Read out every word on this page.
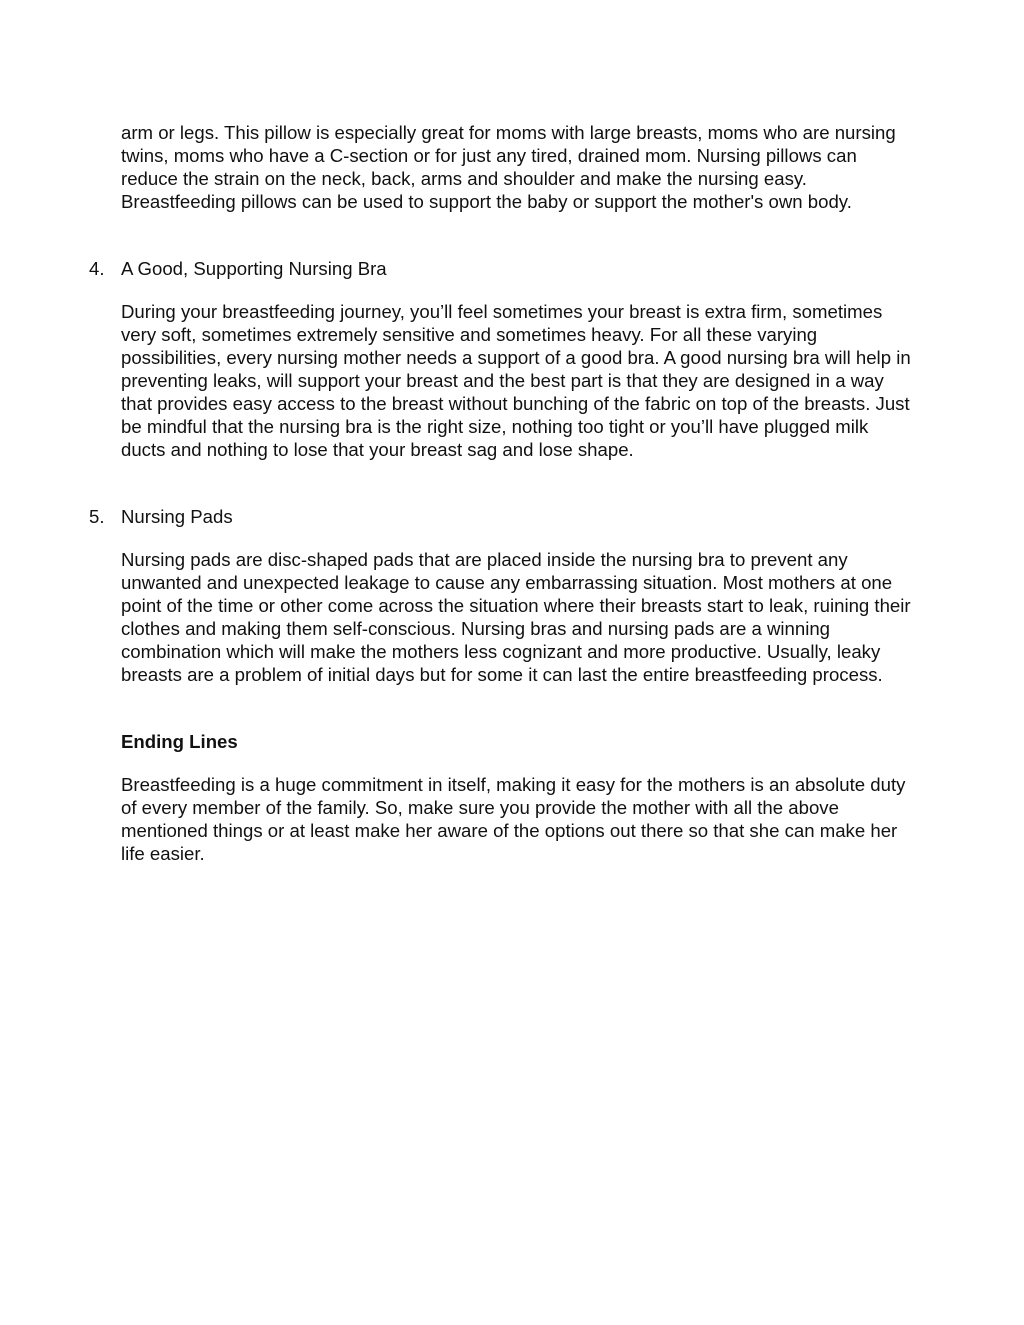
arm or legs. This pillow is especially great for moms with large breasts, moms who are nursing twins, moms who have a C-section or for just any tired, drained mom. Nursing pillows can reduce the strain on the neck, back, arms and shoulder and make the nursing easy. Breastfeeding pillows can be used to support the baby or support the mother's own body.

4. A Good, Supporting Nursing Bra

During your breastfeeding journey, you’ll feel sometimes your breast is extra firm, sometimes very soft, sometimes extremely sensitive and sometimes heavy. For all these varying possibilities, every nursing mother needs a support of a good bra. A good nursing bra will help in preventing leaks, will support your breast and the best part is that they are designed in a way that provides easy access to the breast without bunching of the fabric on top of the breasts. Just be mindful that the nursing bra is the right size, nothing too tight or you’ll have plugged milk ducts and nothing to lose that your breast sag and lose shape.

5. Nursing Pads

Nursing pads are disc-shaped pads that are placed inside the nursing bra to prevent any unwanted and unexpected leakage to cause any embarrassing situation. Most mothers at one point of the time or other come across the situation where their breasts start to leak, ruining their clothes and making them self-conscious. Nursing bras and nursing pads are a winning combination which will make the mothers less cognizant and more productive. Usually, leaky breasts are a problem of initial days but for some it can last the entire breastfeeding process.

Ending Lines

Breastfeeding is a huge commitment in itself, making it easy for the mothers is an absolute duty of every member of the family. So, make sure you provide the mother with all the above mentioned things or at least make her aware of the options out there so that she can make her life easier.
